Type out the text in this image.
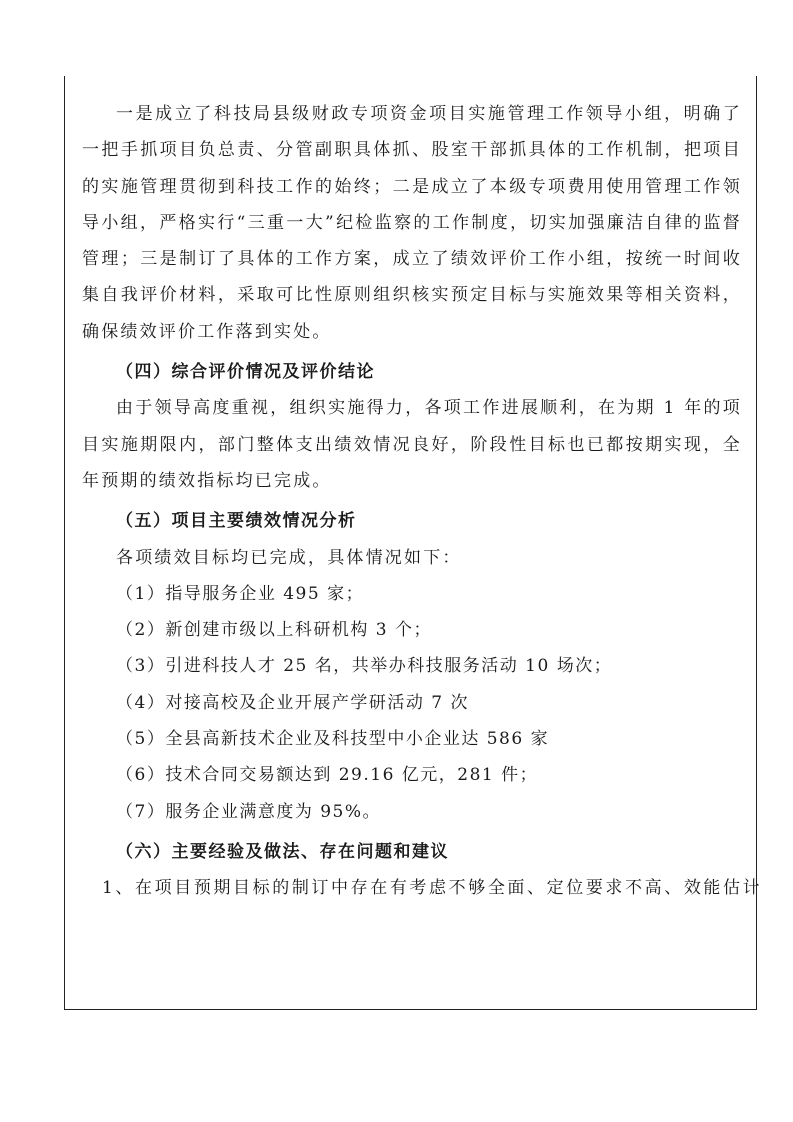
一是成立了科技局县级财政专项资金项目实施管理工作领导小组，明确了一把手抓项目负总责、分管副职具体抓、股室干部抓具体的工作机制，把项目的实施管理贯彻到科技工作的始终；二是成立了本级专项费用使用管理工作领导小组，严格实行“三重一大”纪检监察的工作制度，切实加强廉洁自律的监督管理；三是制订了具体的工作方案，成立了绩效评价工作小组，按统一时间收集自我评价材料，采取可比性原则组织核实预定目标与实施效果等相关资料，确保绩效评价工作落到实处。

（四）综合评价情况及评价结论

由于领导高度重视，组织实施得力，各项工作进展顺利，在为期 1 年的项目实施期限内，部门整体支出绩效情况良好，阶段性目标也已都按期实现，全年预期的绩效指标均已完成。

（五）项目主要绩效情况分析

各项绩效目标均已完成，具体情况如下：

（1）指导服务企业 495 家；

（2）新创建市级以上科研机构 3 个；

（3）引进科技人才 25 名，共举办科技服务活动 10 场次；

（4）对接高校及企业开展产学研活动 7 次

（5）全县高新技术企业及科技型中小企业达 586 家

（6）技术合同交易额达到 29.16 亿元，281 件；

（7）服务企业满意度为 95%。

（六）主要经验及做法、存在问题和建议

1、在项目预期目标的制订中存在有考虑不够全面、定位要求不高、效能估计
